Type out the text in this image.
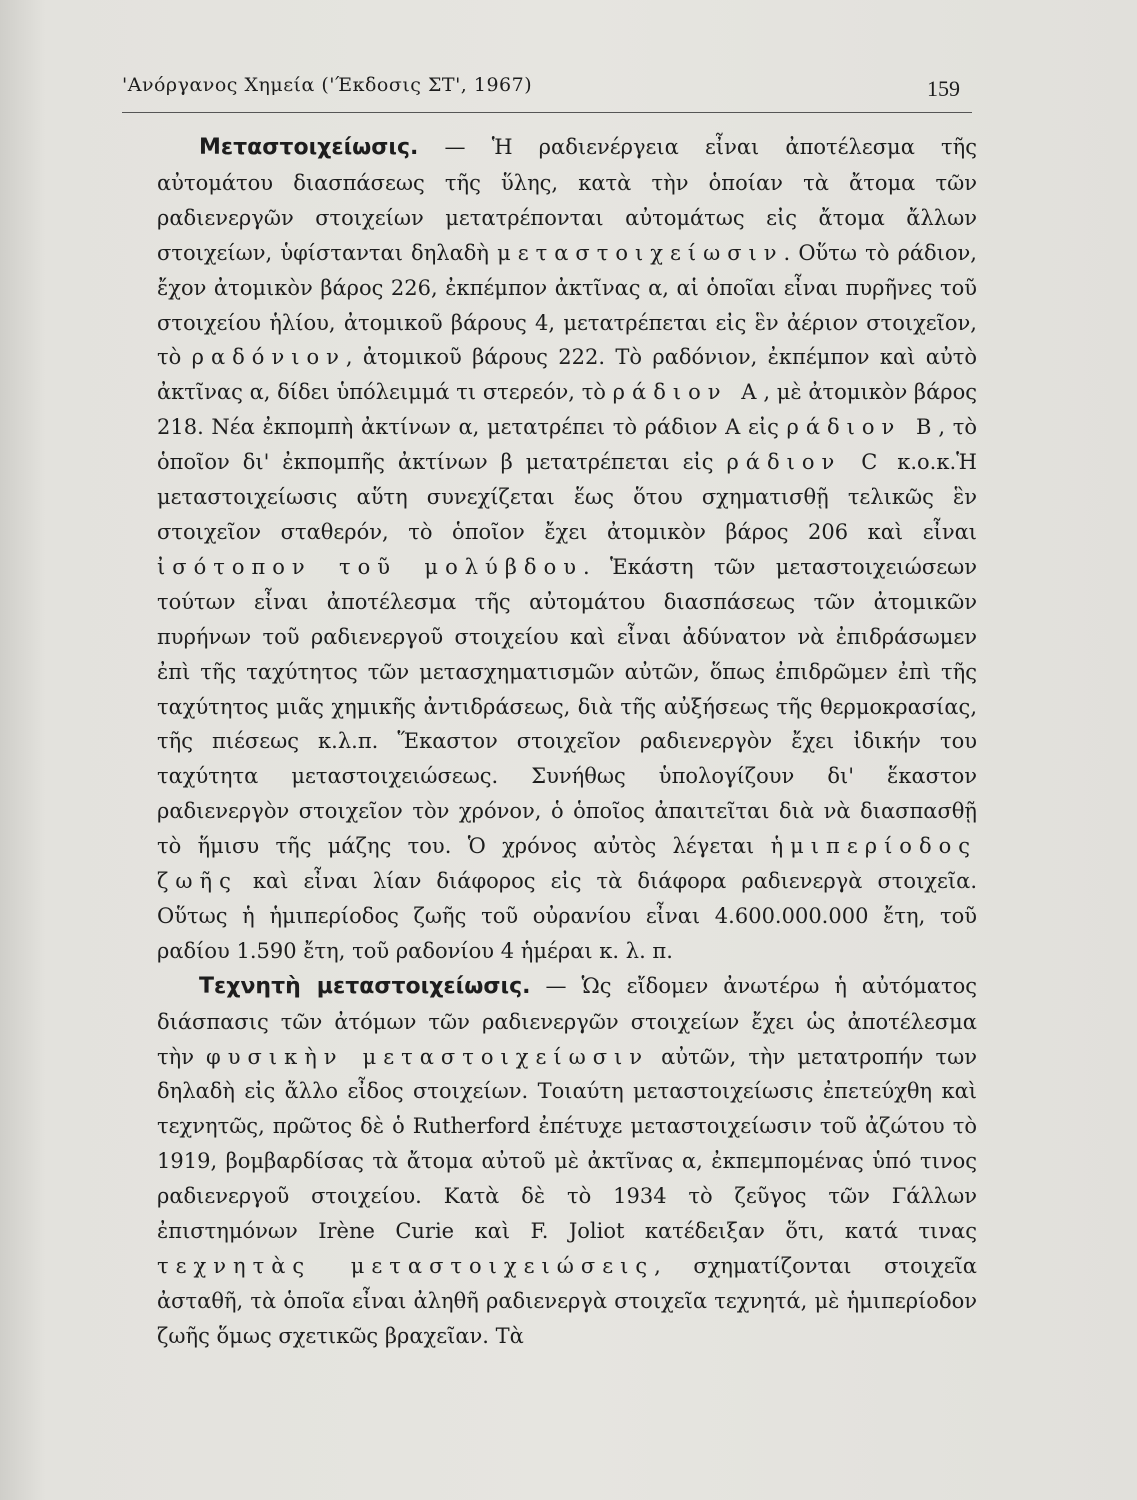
'Ανόργανος Χημεία ('Έκδοσις ΣΤ', 1967)	159

Μεταστοιχείωσις. — Ἡ ραδιενέργεια εἶναι ἀποτέλεσμα τῆς αὐτομάτου διασπάσεως τῆς ὕλης, κατὰ τὴν ὁποίαν τὰ ἄτομα τῶν ραδιενεργῶν στοιχείων μετατρέπονται αὐτομάτως εἰς ἄτομα ἄλλων στοιχείων, ὑφίστανται δηλαδὴ μεταστοιχείωσιν. Οὕτω τὸ ράδιον, ἔχον ἀτομικὸν βάρος 226, ἐκπέμπον ἀκτῖνας α, αἱ ὁποῖαι εἶναι πυρῆνες τοῦ στοιχείου ἡλίου, ἀτομικοῦ βάρους 4, μετατρέπεται εἰς ἓν ἀέριον στοιχεῖον, τὸ ραδόνιον, ἀτομικοῦ βάρους 222. Τὸ ραδόνιον, ἐκπέμπον καὶ αὐτὸ ἀκτῖνας α, δίδει ὑπόλειμμά τι στερεόν, τὸ ράδιον Α, μὲ ἀτομικὸν βάρος 218. Νέα ἐκπομπὴ ἀκτίνων α, μετατρέπει τὸ ράδιον Α εἰς ράδιον Β, τὸ ὁποῖον δι' ἐκπομπῆς ἀκτίνων β μετατρέπεται εἰς ράδιον C κ.ο.κ.Ἡ μεταστοιχείωσις αὕτη συνεχίζεται ἕως ὅτου σχηματισθῇ τελικῶς ἓν στοιχεῖον σταθερόν, τὸ ὁποῖον ἔχει ἀτομικὸν βάρος 206 καὶ εἶναι ἰσότοπον τοῦ μολύβδου. Ἑκάστη τῶν μεταστοιχειώσεων τούτων εἶναι ἀποτέλεσμα τῆς αὐτομάτου διασπάσεως τῶν ἀτομικῶν πυρήνων τοῦ ραδιενεργοῦ στοιχείου καὶ εἶναι ἀδύνατον νὰ ἐπιδράσωμεν ἐπὶ τῆς ταχύτητος τῶν μετασχηματισμῶν αὐτῶν, ὅπως ἐπιδρῶμεν ἐπὶ τῆς ταχύτητος μιᾶς χημικῆς ἀντιδράσεως, διὰ τῆς αὐξήσεως τῆς θερμοκρασίας, τῆς πιέσεως κ.λ.π. Ἕκαστον στοιχεῖον ραδιενεργὸν ἔχει ἰδικήν του ταχύτητα μεταστοιχειώσεως. Συνήθως ὑπολογίζουν δι' ἕκαστον ραδιενεργὸν στοιχεῖον τὸν χρόνον, ὁ ὁποῖος ἀπαιτεῖται διὰ νὰ διασπασθῇ τὸ ἥμισυ τῆς μάζης του. Ὁ χρόνος αὐτὸς λέγεται ἡμιπερίοδος ζωῆς καὶ εἶναι λίαν διάφορος εἰς τὰ διάφορα ραδιενεργὰ στοιχεῖα. Οὕτως ἡ ἡμιπερίοδος ζωῆς τοῦ οὐρανίου εἶναι 4.600.000.000 ἔτη, τοῦ ραδίου 1.590 ἔτη, τοῦ ραδονίου 4 ἡμέραι κ. λ. π.

Τεχνητὴ μεταστοιχείωσις. — Ὡς εἴδομεν ἀνωτέρω ἡ αὐτόματος διάσπασις τῶν ἀτόμων τῶν ραδιενεργῶν στοιχείων ἔχει ὡς ἀποτέλεσμα τὴν φυσικὴν μεταστοιχείωσιν αὐτῶν, τὴν μετατροπήν των δηλαδὴ εἰς ἄλλο εἶδος στοιχείων. Τοιαύτη μεταστοιχείωσις ἐπετεύχθη καὶ τεχνητῶς, πρῶτος δὲ ὁ Rutherford ἐπέτυχε μεταστοιχείωσιν τοῦ ἀζώτου τὸ 1919, βομβαρδίσας τὰ ἄτομα αὐτοῦ μὲ ἀκτῖνας α, ἐκπεμπομένας ὑπό τινος ραδιενεργοῦ στοιχείου. Κατὰ δὲ τὸ 1934 τὸ ζεῦγος τῶν Γάλλων ἐπιστημόνων Irène Curie καὶ F. Joliot κατέδειξαν ὅτι, κατά τινας τεχνητὰς μεταστοιχειώσεις, σχηματίζονται στοιχεῖα ἀσταθῆ, τὰ ὁποῖα εἶναι ἀληθῆ ραδιενεργὰ στοιχεῖα τεχνητά, μὲ ἡμιπερίοδον ζωῆς ὅμως σχετικῶς βραχεῖαν. Τὰ
